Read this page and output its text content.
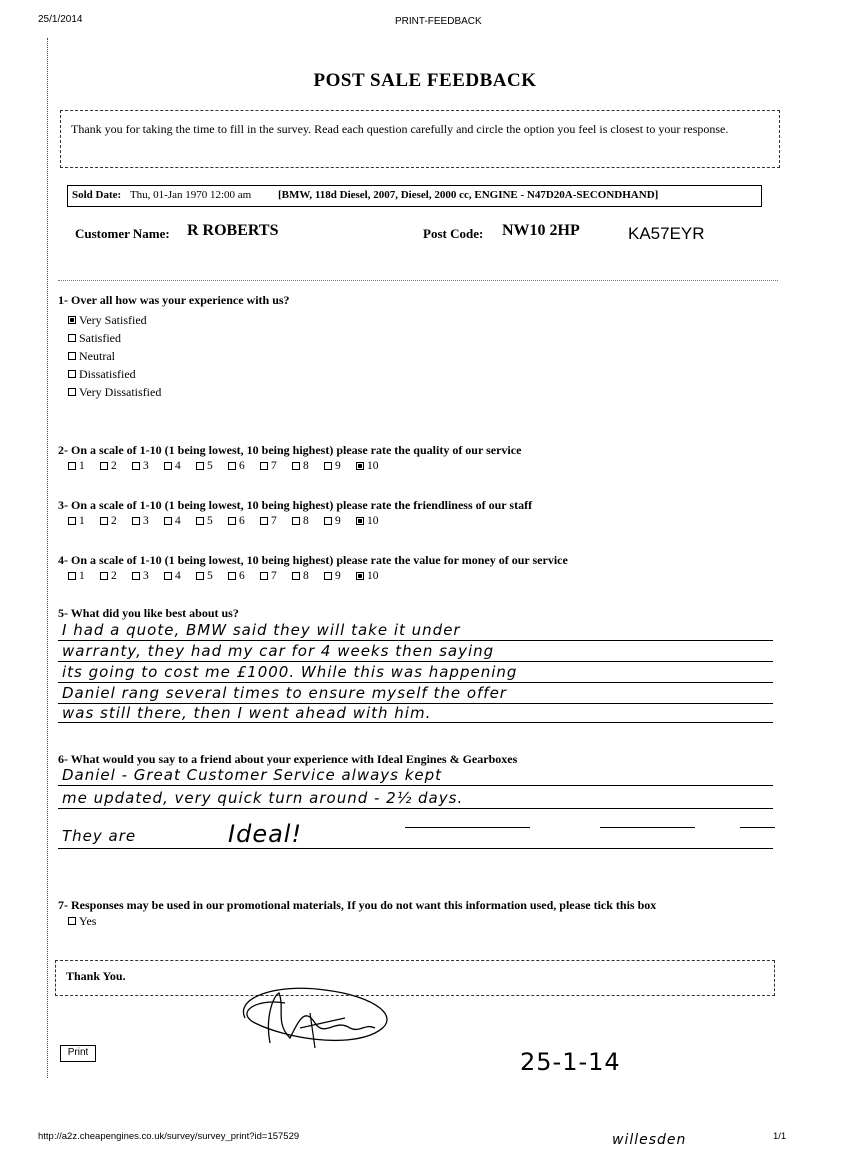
25/1/2014	PRINT-FEEDBACK
POST SALE FEEDBACK
Thank you for taking the time to fill in the survey. Read each question carefully and circle the option you feel is closest to your response.
Sold Date: Thu, 01-Jan 1970 12:00 am [BMW, 118d Diesel, 2007, Diesel, 2000 cc, ENGINE - N47D20A-SECONDHAND]
Customer Name: R ROBERTS	Post Code: NW10 2HP	KA57EYR
1- Over all how was your experience with us?
Very Satisfied
Satisfied
Neutral
Dissatisfied
Very Dissatisfied
2- On a scale of 1-10 (1 being lowest, 10 being highest) please rate the quality of our service
1 2 3 4 5 6 7 8 9 10
3- On a scale of 1-10 (1 being lowest, 10 being highest) please rate the friendliness of our staff
1 2 3 4 5 6 7 8 9 10
4- On a scale of 1-10 (1 being lowest, 10 being highest) please rate the value for money of our service
1 2 3 4 5 6 7 8 9 10
5- What did you like best about us?
I had a quote, BMW said they will take it under
warranty, they had my car for 4 weeks then saying
its going to cost me £1000. While this was happening
Daniel rang several times to ensure myself the offer
was still there, then I went ahead with him.
6- What would you say to a friend about your experience with Ideal Engines & Gearboxes
Daniel - Great Customer Service always kept
me updated, very quick turn around - 2½ days.
They are	Ideal!
7- Responses may be used in our promotional materials, If you do not want this information used, please tick this box
Yes
Thank You.
25-1-14
Print
http://a2z.cheapengines.co.uk/survey/survey_print?id=157529	willesden	1/1
